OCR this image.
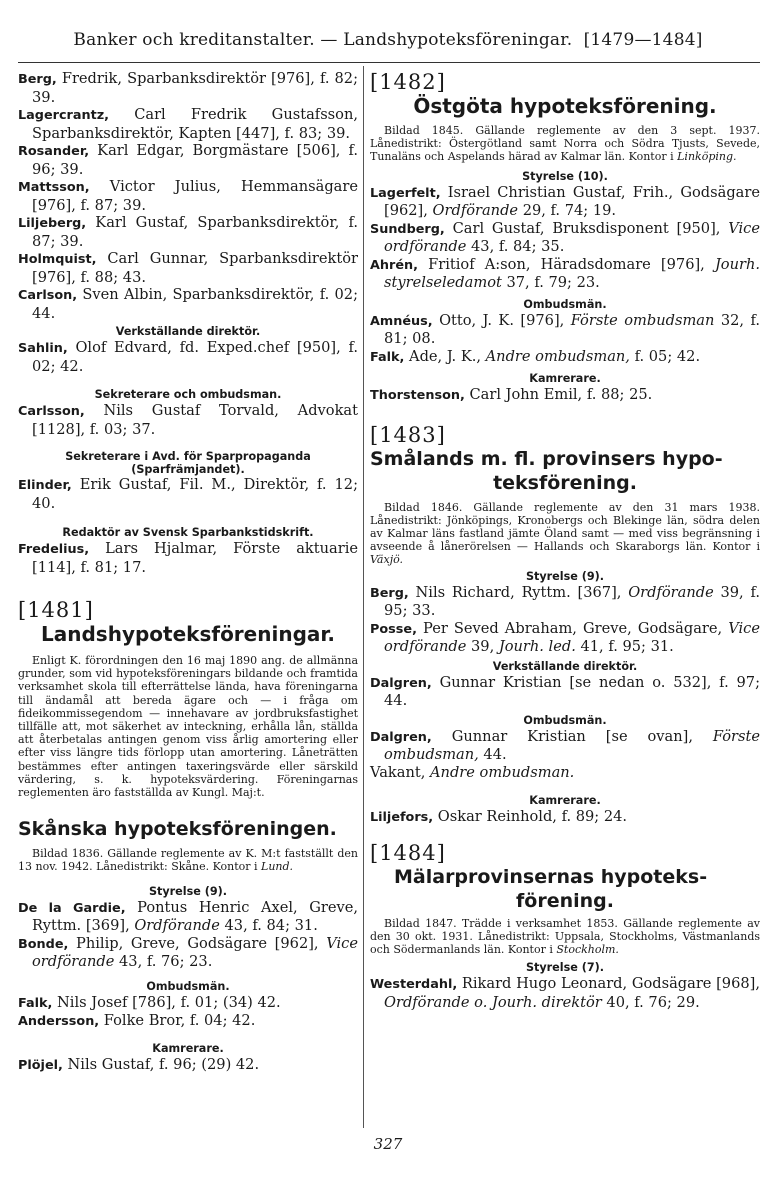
Banker och kreditanstalter. — Landshypoteksföreningar. [1479—1484]

Berg, Fredrik, Sparbanksdirektör [976], f. 82; 39.

Lagercrantz, Carl Fredrik Gustafsson, Sparbanksdirektör, Kapten [447], f. 83; 39.

Rosander, Karl Edgar, Borgmästare [506], f. 96; 39.

Mattsson, Victor Julius, Hemmansägare [976], f. 87; 39.

Liljeberg, Karl Gustaf, Sparbanksdirektör, f. 87; 39.

Holmquist, Carl Gunnar, Sparbanksdirektör [976], f. 88; 43.

Carlson, Sven Albin, Sparbanksdirektör, f. 02; 44.

Verkställande direktör.

Sahlin, Olof Edvard, fd. Exped.chef [950], f. 02; 42.

Sekreterare och ombudsman.

Carlsson, Nils Gustaf Torvald, Advokat [1128], f. 03; 37.

Sekreterare i Avd. för Sparpropaganda

(Sparfrämjandet).

Elinder, Erik Gustaf, Fil. M., Direktör, f. 12; 40.

Redaktör av Svensk Sparbankstidskrift.

Fredelius, Lars Hjalmar, Förste aktuarie [114], f. 81; 17.

[1481]

Landshypoteksföreningar.

Enligt K. förordningen den 16 maj 1890 ang. de allmänna grunder, som vid hypoteksföreningars bildande och framtida verksamhet skola till efterrättelse lända, hava föreningarna till ändamål att bereda ägare och — i fråga om fideikommissegendom — innehavare av jordbruksfastighet tillfälle att, mot säkerhet av inteckning, erhålla lån, ställda att återbetalas antingen genom viss årlig amortering eller efter viss längre tids förlopp utan amortering. Låneträtten bestämmes efter antingen taxeringsvärde eller särskild värdering, s. k. hypoteksvärdering. Föreningarnas reglementen äro fastställda av Kungl. Maj:t.

Skånska hypoteksföreningen.

Bildad 1836. Gällande reglemente av K. M:t fastställt den 13 nov. 1942. Lånedistrikt: Skåne. Kontor i Lund.

Styrelse (9).

De la Gardie, Pontus Henric Axel, Greve, Ryttm. [369], Ordförande 43, f. 84; 31.

Bonde, Philip, Greve, Godsägare [962], Vice ordförande 43, f. 76; 23.

Ombudsmän.

Falk, Nils Josef [786], f. 01; (34) 42.

Andersson, Folke Bror, f. 04; 42.

Kamrerare.

Plöjel, Nils Gustaf, f. 96; (29) 42.

[1482]

Östgöta hypoteksförening.

Bildad 1845. Gällande reglemente av den 3 sept. 1937. Lånedistrikt: Östergötland samt Norra och Södra Tjusts, Sevede, Tunaläns och Aspelands härad av Kalmar län. Kontor i Linköping.

Styrelse (10).

Lagerfelt, Israel Christian Gustaf, Frih., Godsägare [962], Ordförande 29, f. 74; 19.

Sundberg, Carl Gustaf, Bruksdisponent [950], Vice ordförande 43, f. 84; 35.

Ahrén, Fritiof A:son, Häradsdomare [976], Jourh. styrelseledamot 37, f. 79; 23.

Ombudsmän.

Amnéus, Otto, J. K. [976], Förste ombudsman 32, f. 81; 08.

Falk, Ade, J. K., Andre ombudsman, f. 05; 42.

Kamrerare.

Thorstenson, Carl John Emil, f. 88; 25.

[1483]

Smålands m. fl. provinsers hypo-

teksförening.

Bildad 1846. Gällande reglemente av den 31 mars 1938. Lånedistrikt: Jönköpings, Kronobergs och Blekinge län, södra delen av Kalmar läns fastland jämte Öland samt — med viss begränsning i avseende å lånerörelsen — Hallands och Skaraborgs län. Kontor i Växjö.

Styrelse (9).

Berg, Nils Richard, Ryttm. [367], Ordförande 39, f. 95; 33.

Posse, Per Seved Abraham, Greve, Godsägare, Vice ordförande 39, Jourh. led. 41, f. 95; 31.

Verkställande direktör.

Dalgren, Gunnar Kristian [se nedan o. 532], f. 97; 44.

Ombudsmän.

Dalgren, Gunnar Kristian [se ovan], Förste ombudsman, 44.

Vakant, Andre ombudsman.

Kamrerare.

Liljefors, Oskar Reinhold, f. 89; 24.

[1484]

Mälarprovinsernas hypoteks-

förening.

Bildad 1847. Trädde i verksamhet 1853. Gällande reglemente av den 30 okt. 1931. Lånedistrikt: Uppsala, Stockholms, Västmanlands och Södermanlands län. Kontor i Stockholm.

Styrelse (7).

Westerdahl, Rikard Hugo Leonard, Godsägare [968], Ordförande o. Jourh. direktör 40, f. 76; 29.

327
